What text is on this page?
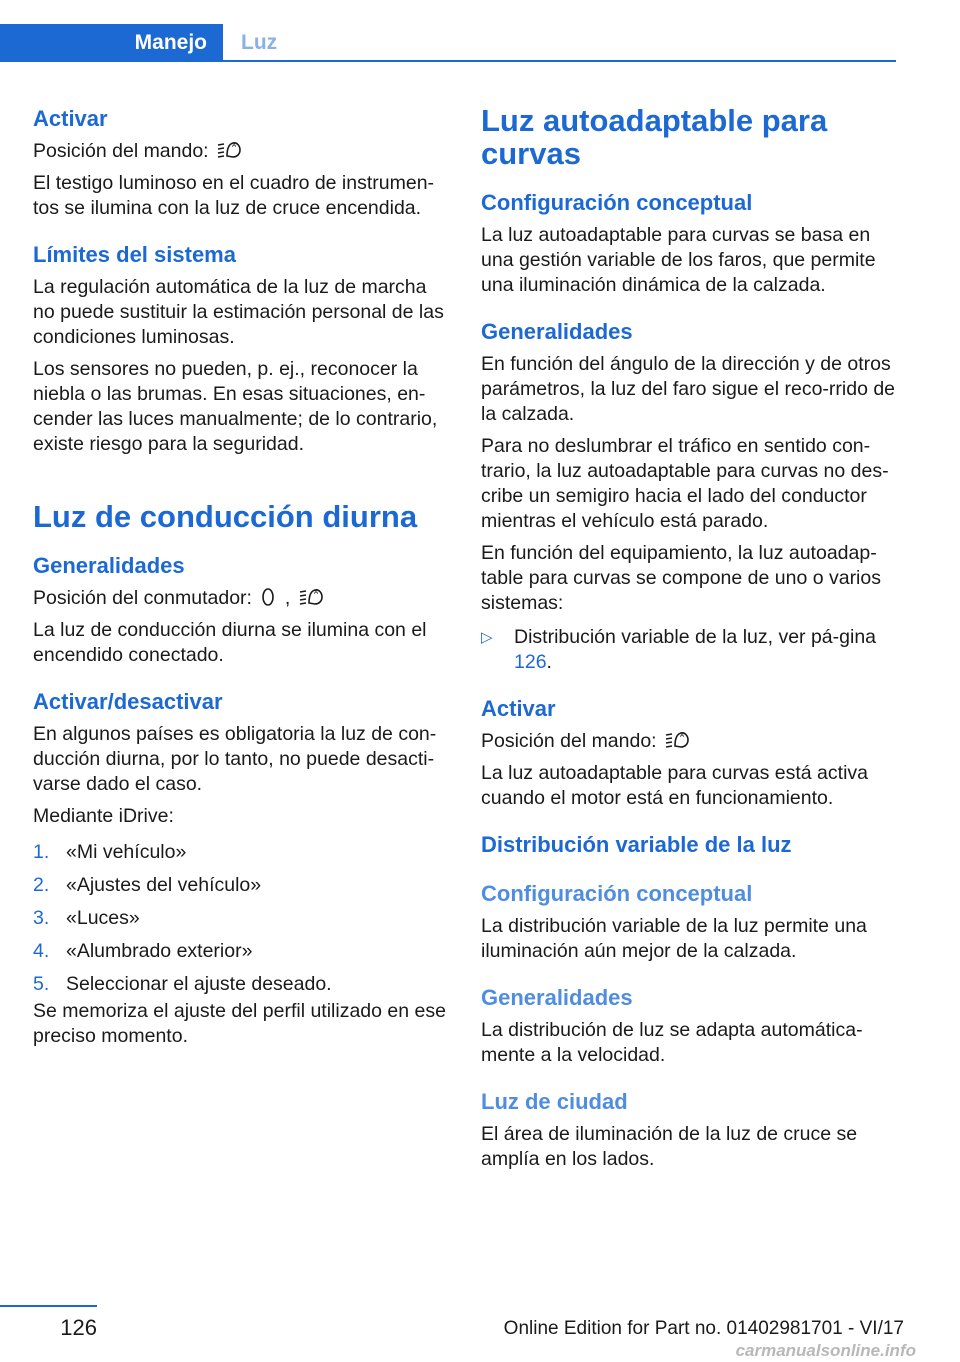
Manejo	Luz
Activar

Posición del mando:	A

El testigo luminoso en el cuadro de instrumen-tos se ilumina con la luz de cruce encendida.

Límites del sistema

La regulación automática de la luz de marcha no puede sustituir la estimación personal de las condiciones luminosas.

Los sensores no pueden, p. ej., reconocer la niebla o las brumas. En esas situaciones, en-cender las luces manualmente; de lo contrario, existe riesgo para la seguridad.

Luz de conducción diurna
Generalidades

Posición del conmutador: ,	A

La luz de conducción diurna se ilumina con el encendido conectado.

Activar/desactivar

En algunos países es obligatoria la luz de con-ducción diurna, por lo tanto, no puede desacti-varse dado el caso.

Mediante iDrive:

1. «Mi vehículo»
2. «Ajustes del vehículo»
3. «Luces»
4. «Alumbrado exterior»
5. Seleccionar el ajuste deseado.

Se memoriza el ajuste del perfil utilizado en ese preciso momento.

Luz autoadaptable para curvas
Configuración conceptual

La luz autoadaptable para curvas se basa en una gestión variable de los faros, que permite una iluminación dinámica de la calzada.

Generalidades

En función del ángulo de la dirección y de otros parámetros, la luz del faro sigue el reco-rrido de la calzada.

Para no deslumbrar el tráfico en sentido con-trario, la luz autoadaptable para curvas no des-cribe un semigiro hacia el lado del conductor mientras el vehículo está parado.

En función del equipamiento, la luz autoadap-table para curvas se compone de uno o varios sistemas:

▷ Distribución variable de la luz, ver pá-gina 126.
Activar

Posición del mando:	A

La luz autoadaptable para curvas está activa cuando el motor está en funcionamiento.

Distribución variable de la luz
Configuración conceptual

La distribución variable de la luz permite una iluminación aún mejor de la calzada.

Generalidades

La distribución de luz se adapta automática-mente a la velocidad.

Luz de ciudad

El área de iluminación de la luz de cruce se amplía en los lados.

126	Online Edition for Part no. 01402981701 - VI/17
carmanualsonline.info
